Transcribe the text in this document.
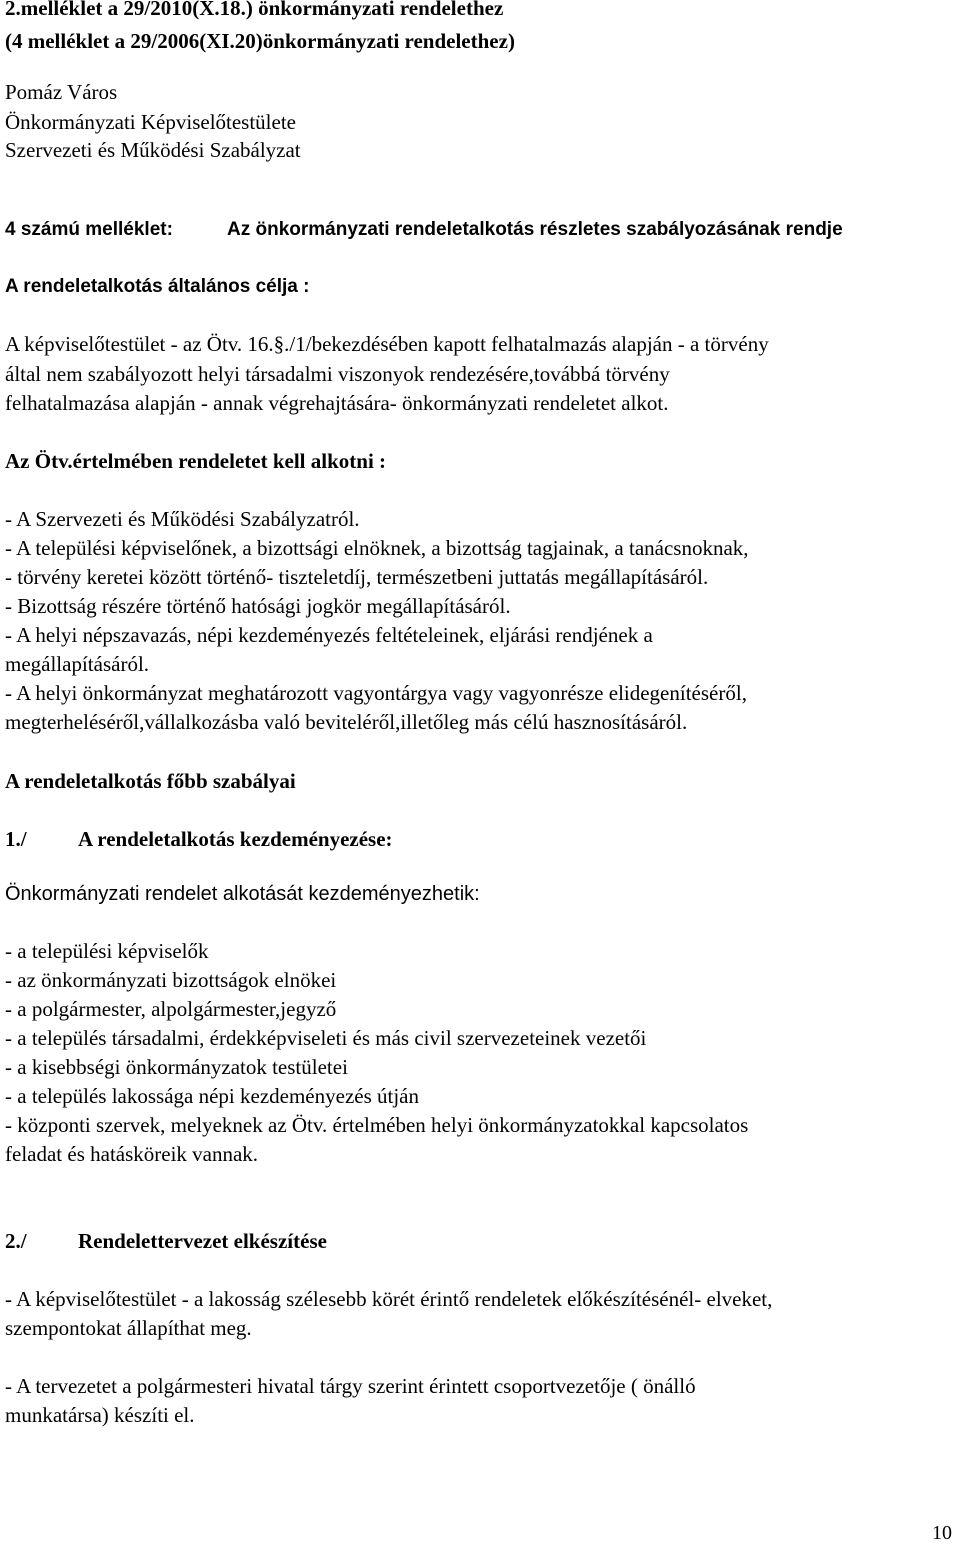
2.melléklet a 29/2010(X.18.) önkormányzati rendelethez
(4 melléklet a 29/2006(XI.20)önkormányzati rendelethez)
Pomáz Város
Önkormányzati Képviselőtestülete
Szervezeti és Működési Szabályzat
4 számú melléklet:	Az önkormányzati rendeletalkotás részletes szabályozásának rendje
A rendeletalkotás általános célja :
A képviselőtestület - az Ötv. 16.§./1/bekezdésében kapott felhatalmazás alapján - a törvény
által nem szabályozott helyi társadalmi viszonyok rendezésére,továbbá törvény
felhatalmazása alapján - annak végrehajtására- önkormányzati rendeletet alkot.
Az Ötv.értelmében rendeletet kell alkotni :
- A Szervezeti és Működési Szabályzatról.
- A települési képviselőnek, a bizottsági elnöknek, a bizottság tagjainak, a tanácsnoknak,
- törvény keretei között történő- tiszteletdíj, természetbeni juttatás megállapításáról.
- Bizottság részére történő hatósági jogkör megállapításáról.
- A helyi népszavazás, népi kezdeményezés feltételeinek, eljárási rendjének a
megállapításáról.
- A helyi önkormányzat meghatározott vagyontárgya vagy vagyonrésze elidegenítéséről,
megterheléséről,vállalkozásba való beviteléről,illetőleg más célú hasznosításáról.
A rendeletalkotás főbb szabályai
1./ A rendeletalkotás kezdeményezése:
Önkormányzati rendelet alkotását kezdeményezhetik:
- a települési képviselők
- az önkormányzati bizottságok elnökei
- a polgármester, alpolgármester,jegyző
- a település társadalmi, érdekképviseleti és más civil szervezeteinek vezetői
- a kisebbségi önkormányzatok testületei
- a település lakossága népi kezdeményezés útján
- központi szervek, melyeknek az Ötv. értelmében helyi önkormányzatokkal kapcsolatos
feladat és hatásköreik vannak.
2./ Rendelettervezet elkészítése
- A képviselőtestület - a lakosság szélesebb körét érintő rendeletek előkészítésénél- elveket,
szempontokat állapíthat meg.
- A tervezetet a polgármesteri hivatal tárgy szerint érintett csoportvezetője ( önálló
munkatársa) készíti el.
10
